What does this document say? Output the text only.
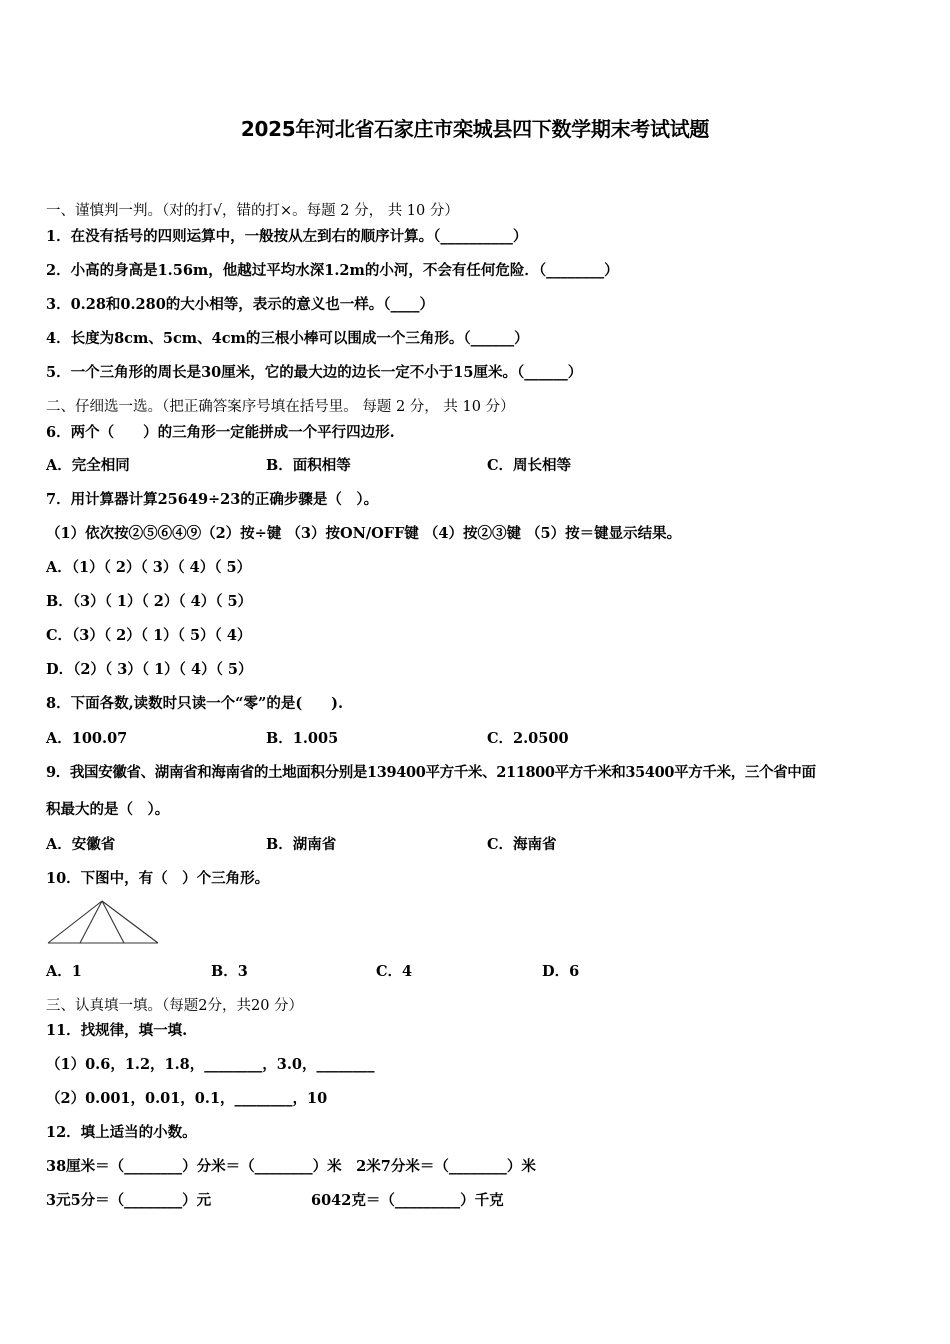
2025年河北省石家庄市栾城县四下数学期末考试试题
一、谨慎判一判。（对的打√，错的打×。每题 2 分， 共 10 分）
1．在没有括号的四则运算中，一般按从左到右的顺序计算。（__________）
2．小高的身高是1.56m，他越过平均水深1.2m的小河，不会有任何危险．（________）
3．0.28和0.280的大小相等，表示的意义也一样。（____）
4．长度为8cm、5cm、4cm的三根小棒可以围成一个三角形。（______）
5．一个三角形的周长是30厘米，它的最大边的边长一定不小于15厘米。（______）
二、仔细选一选。（把正确答案序号填在括号里。 每题 2 分， 共 10 分）
6．两个（　　）的三角形一定能拼成一个平行四边形.
A．完全相同	B．面积相等	C．周长相等
7．用计算器计算25649÷23的正确步骤是（　）。
（1）依次按②⑤⑥④⑨（2）按÷键 （3）按ON/OFF键 （4）按②③键 （5）按＝键显示结果。
A．（1）（ 2）（ 3）（ 4）（ 5）
B．（3）（ 1）（ 2）（ 4）（ 5）
C．（3）（ 2）（ 1）（ 5）（ 4）
D．（2）（ 3）（ 1）（ 4）（ 5）
8．下面各数,读数时只读一个“零”的是(　　).
A．100.07	B．1.005	C．2.0500
9．我国安徽省、湖南省和海南省的土地面积分别是139400平方千米、211800平方千米和35400平方千米，三个省中面
积最大的是（　）。
A．安徽省	B．湖南省	C．海南省
10．下图中，有（　）个三角形。
A．1	B．3	C．4	D．6
三、认真填一填。（每题2分，共20 分）
11．找规律，填一填.
（1）0.6，1.2，1.8，________，3.0，________
（2）0.001，0.01，0.1，________，10
12．填上适当的小数。
38厘米＝（________）分米＝（________）米　2米7分米＝（________）米
3元5分＝（________）元	6042克＝（_________）千克
